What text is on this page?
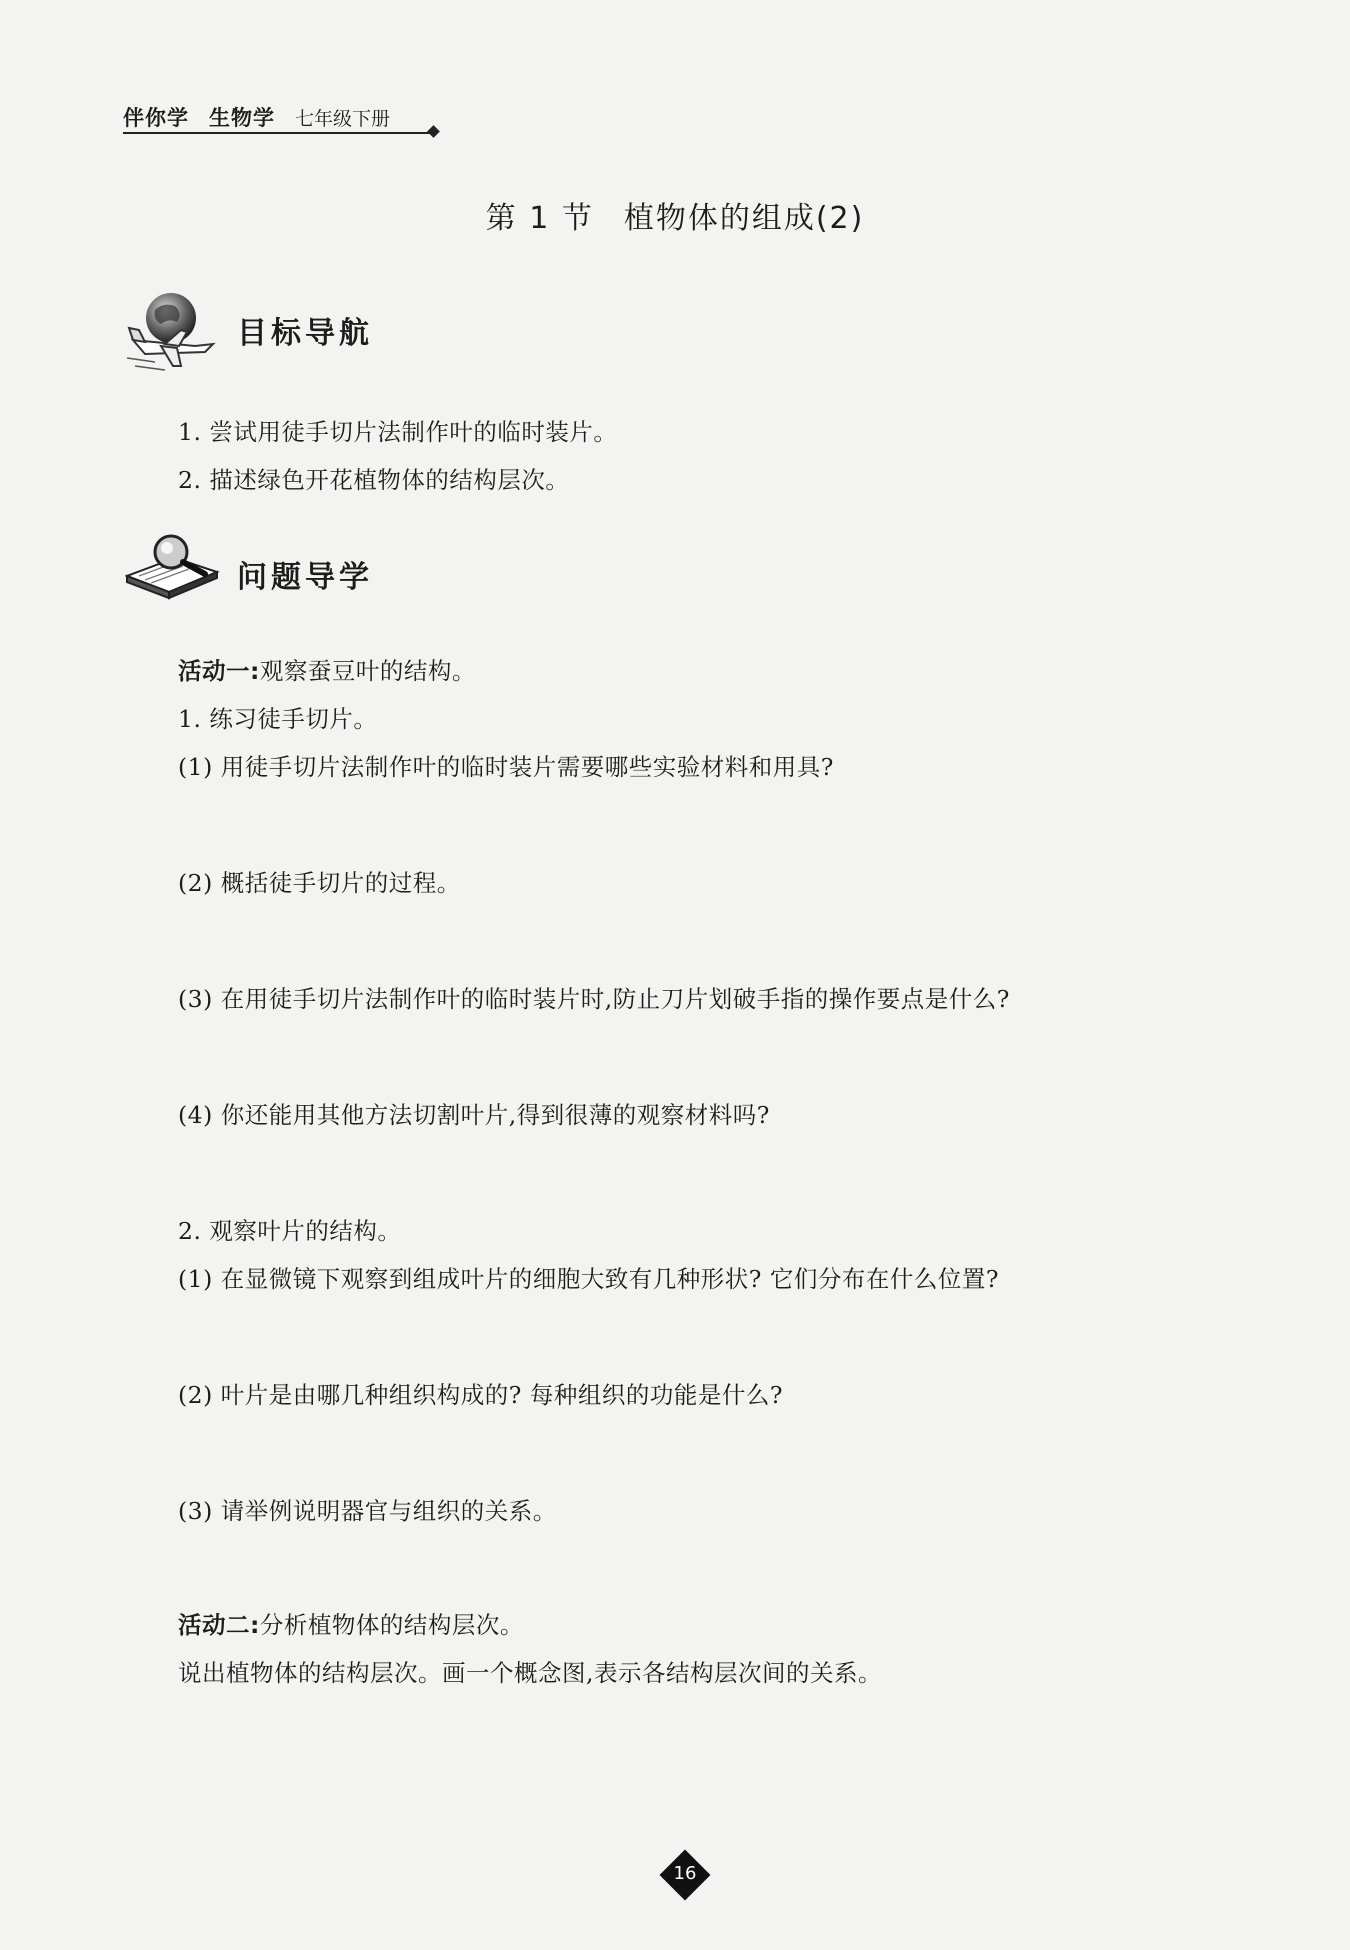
伴你学 生物学 七年级下册
第 1 节 植物体的组成(2)
目标导航
1. 尝试用徒手切片法制作叶的临时装片。
2. 描述绿色开花植物体的结构层次。
问题导学
活动一:观察蚕豆叶的结构。
1. 练习徒手切片。
(1) 用徒手切片法制作叶的临时装片需要哪些实验材料和用具?
(2) 概括徒手切片的过程。
(3) 在用徒手切片法制作叶的临时装片时,防止刀片划破手指的操作要点是什么?
(4) 你还能用其他方法切割叶片,得到很薄的观察材料吗?
2. 观察叶片的结构。
(1) 在显微镜下观察到组成叶片的细胞大致有几种形状? 它们分布在什么位置?
(2) 叶片是由哪几种组织构成的? 每种组织的功能是什么?
(3) 请举例说明器官与组织的关系。
活动二:分析植物体的结构层次。
说出植物体的结构层次。画一个概念图,表示各结构层次间的关系。
16
